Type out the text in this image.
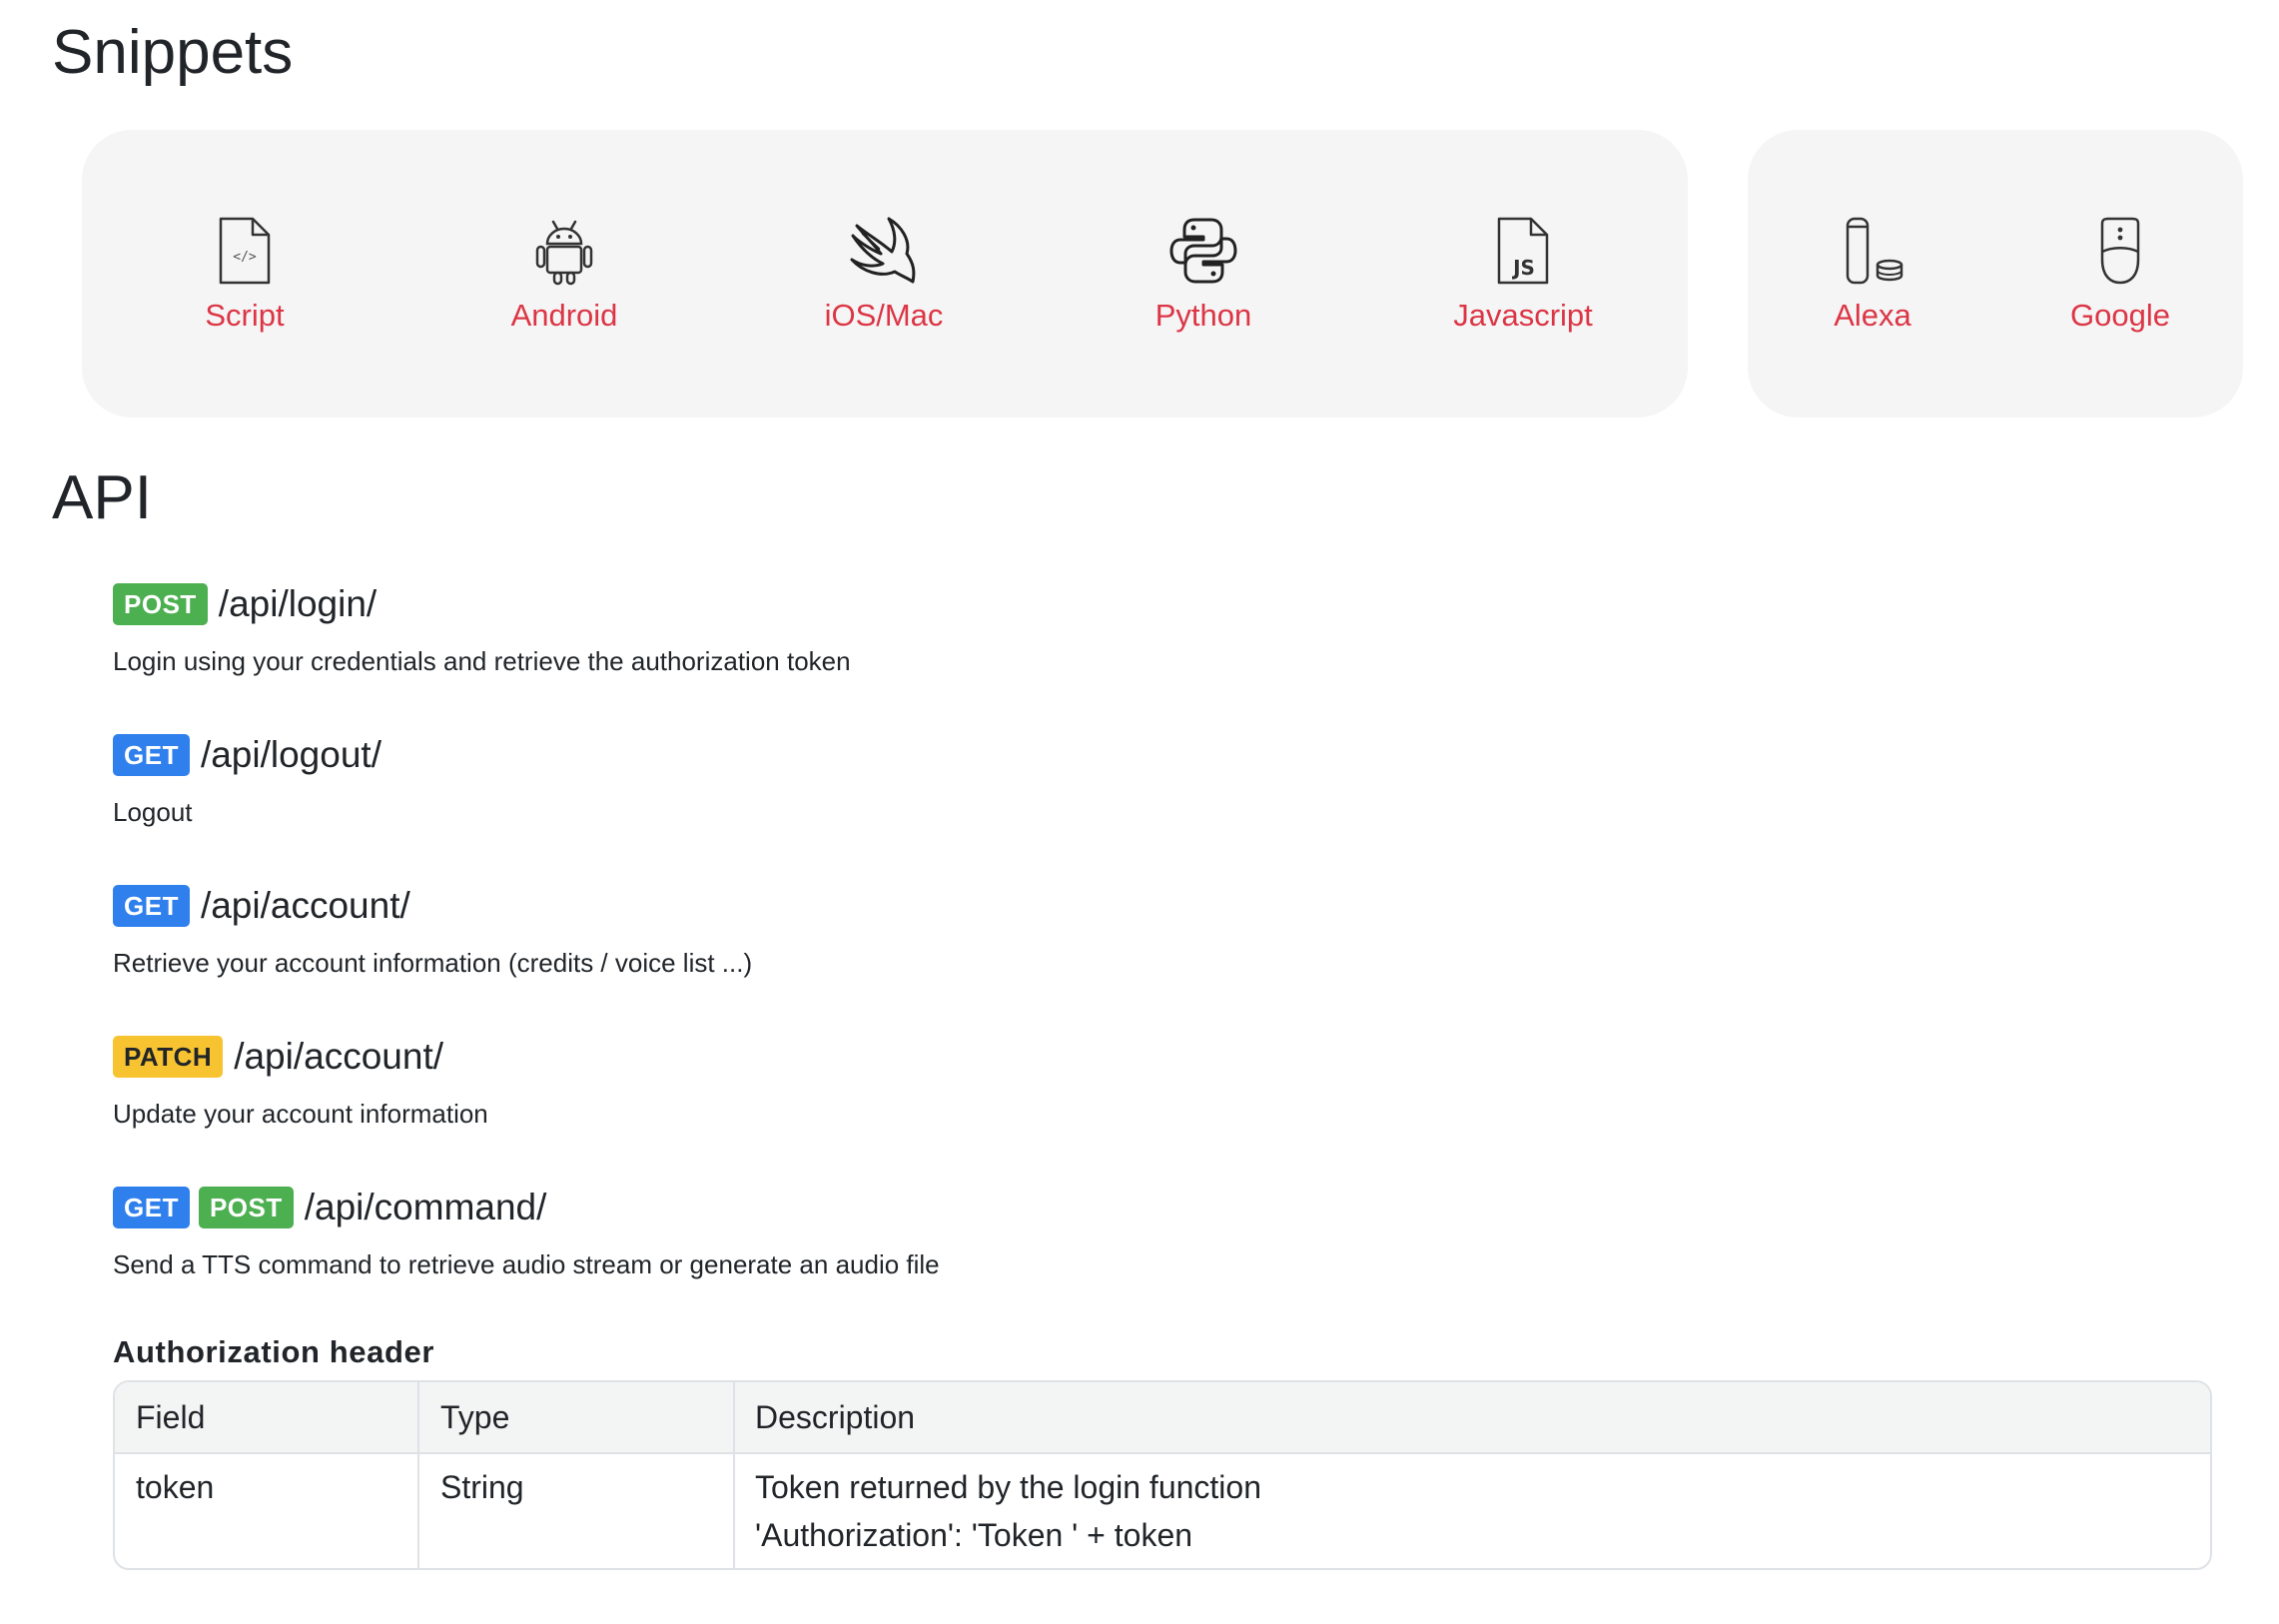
Snippets
</>
Script	Android	iOS/Mac	Python
JS
Javascript	Alexa	Google
API
POST /api/login/
Login using your credentials and retrieve the authorization token
GET /api/logout/
Logout
GET /api/account/
Retrieve your account information (credits / voice list ...)
PATCH /api/account/
Update your account information
GET	POST /api/command/
Send a TTS command to retrieve audio stream or generate an audio file
Authorization header
Field	Type	Description
token	String	Token returned by the login function
'Authorization': 'Token ' + token
